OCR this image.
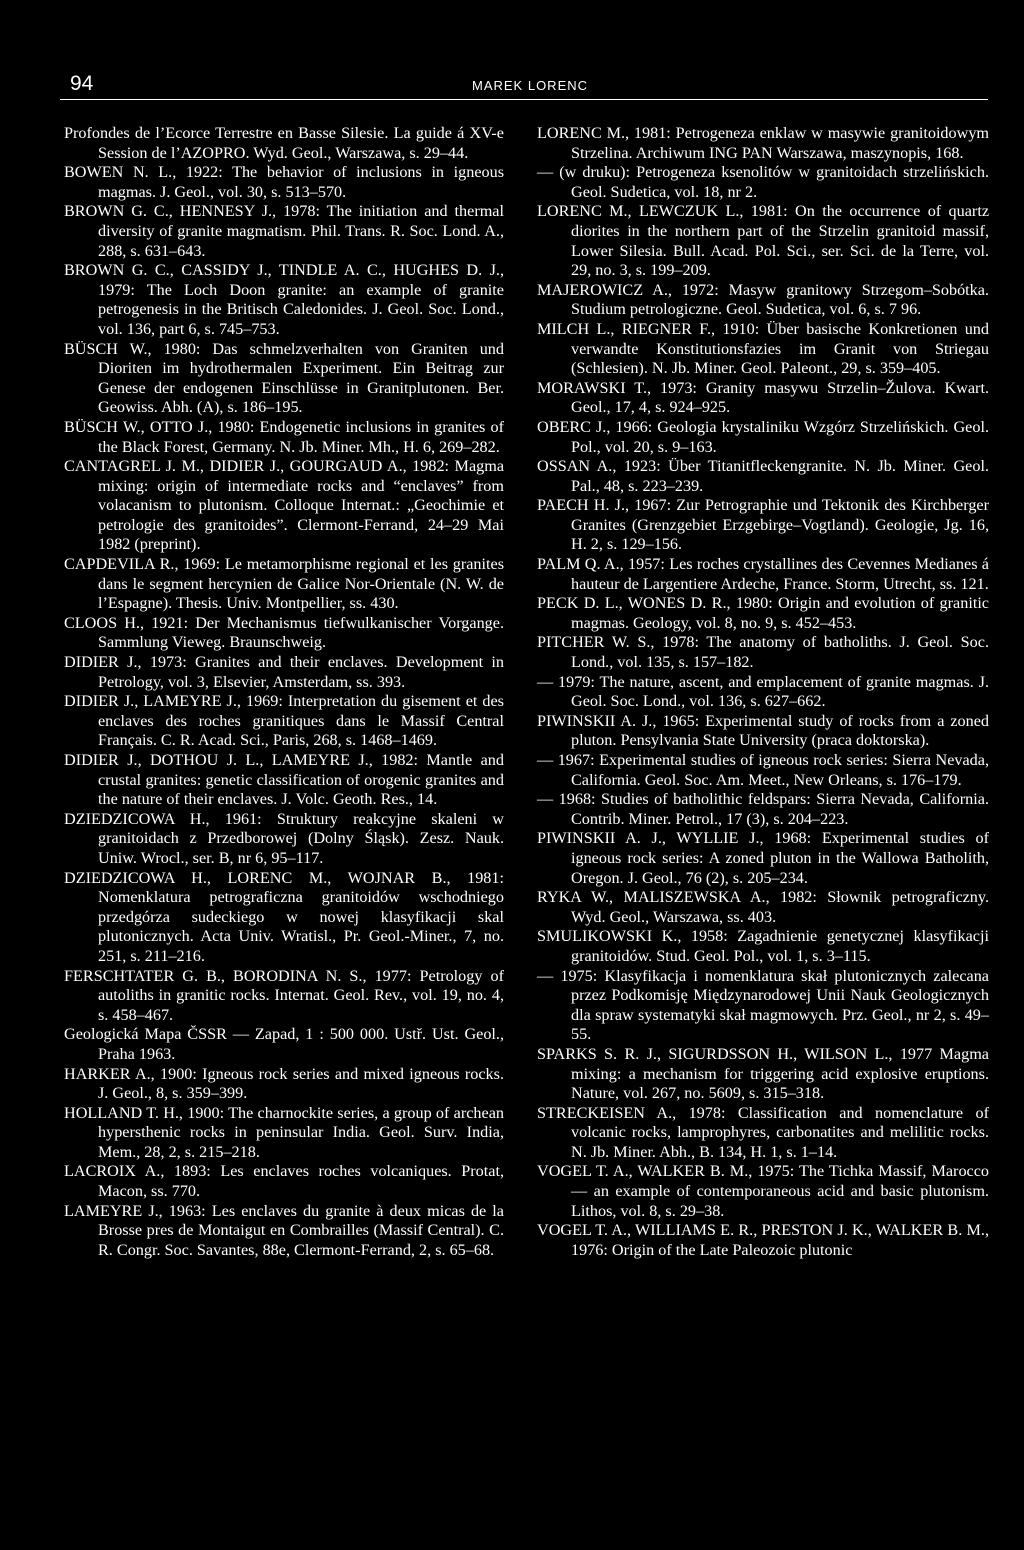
94	MAREK LORENC

Profondes de l’Ecorce Terrestre en Basse Silesie. La guide á XV-e Session de l’AZOPRO. Wyd. Geol., Warszawa, s. 29–44.

BOWEN N. L., 1922: The behavior of inclusions in igneous magmas. J. Geol., vol. 30, s. 513–570.

BROWN G. C., HENNESY J., 1978: The initiation and thermal diversity of granite magmatism. Phil. Trans. R. Soc. Lond. A., 288, s. 631–643.

BROWN G. C., CASSIDY J., TINDLE A. C., HUGHES D. J., 1979: The Loch Doon granite: an example of granite petrogenesis in the Britisch Caledonides. J. Geol. Soc. Lond., vol. 136, part 6, s. 745–753.

BÜSCH W., 1980: Das schmelzverhalten von Graniten und Dioriten im hydrothermalen Experiment. Ein Beitrag zur Genese der endogenen Einschlüsse in Granitplutonen. Ber. Geowiss. Abh. (A), s. 186–195.

BÜSCH W., OTTO J., 1980: Endogenetic inclusions in granites of the Black Forest, Germany. N. Jb. Miner. Mh., H. 6, 269–282.

CANTAGREL J. M., DIDIER J., GOURGAUD A., 1982: Magma mixing: origin of intermediate rocks and “enclaves” from volacanism to plutonism. Colloque Internat.: „Geochimie et petrologie des granitoides”. Clermont-Ferrand, 24–29 Mai 1982 (preprint).

CAPDEVILA R., 1969: Le metamorphisme regional et les granites dans le segment hercynien de Galice Nor-Orientale (N. W. de l’Espagne). Thesis. Univ. Montpellier, ss. 430.

CLOOS H., 1921: Der Mechanismus tiefwulkanischer Vorgange. Sammlung Vieweg. Braunschweig.

DIDIER J., 1973: Granites and their enclaves. Development in Petrology, vol. 3, Elsevier, Amsterdam, ss. 393.

DIDIER J., LAMEYRE J., 1969: Interpretation du gisement et des enclaves des roches granitiques dans le Massif Central Français. C. R. Acad. Sci., Paris, 268, s. 1468–1469.

DIDIER J., DOTHOU J. L., LAMEYRE J., 1982: Mantle and crustal granites: genetic classification of orogenic granites and the nature of their enclaves. J. Volc. Geoth. Res., 14.

DZIEDZICOWA H., 1961: Struktury reakcyjne skaleni w granitoidach z Przedborowej (Dolny Śląsk). Zesz. Nauk. Uniw. Wrocl., ser. B, nr 6, 95–117.

DZIEDZICOWA H., LORENC M., WOJNAR B., 1981: Nomenklatura petrograficzna granitoidów wschodniego przedgórza sudeckiego w nowej klasyfikacji skal plutonicznych. Acta Univ. Wratisl., Pr. Geol.-Miner., 7, no. 251, s. 211–216.

FERSCHTATER G. B., BORODINA N. S., 1977: Petrology of autoliths in granitic rocks. Internat. Geol. Rev., vol. 19, no. 4, s. 458–467.

Geologická Mapa ČSSR — Zapad, 1 : 500 000. Ustř. Ust. Geol., Praha 1963.

HARKER A., 1900: Igneous rock series and mixed igneous rocks. J. Geol., 8, s. 359–399.

HOLLAND T. H., 1900: The charnockite series, a group of archean hypersthenic rocks in peninsular India. Geol. Surv. India, Mem., 28, 2, s. 215–218.

LACROIX A., 1893: Les enclaves roches volcaniques. Protat, Macon, ss. 770.

LAMEYRE J., 1963: Les enclaves du granite à deux micas de la Brosse pres de Montaigut en Combrailles (Massif Central). C. R. Congr. Soc. Savantes, 88e, Clermont-Ferrand, 2, s. 65–68.

LORENC M., 1981: Petrogeneza enklaw w masywie granitoidowym Strzelina. Archiwum ING PAN Warszawa, maszynopis, 168.

— (w druku): Petrogeneza ksenolitów w granitoidach strzelińskich. Geol. Sudetica, vol. 18, nr 2.

LORENC M., LEWCZUK L., 1981: On the occurrence of quartz diorites in the northern part of the Strzelin granitoid massif, Lower Silesia. Bull. Acad. Pol. Sci., ser. Sci. de la Terre, vol. 29, no. 3, s. 199–209.

MAJEROWICZ A., 1972: Masyw granitowy Strzegom–Sobótka. Studium petrologiczne. Geol. Sudetica, vol. 6, s. 7 96.

MILCH L., RIEGNER F., 1910: Über basische Konkretionen und verwandte Konstitutionsfazies im Granit von Striegau (Schlesien). N. Jb. Miner. Geol. Paleont., 29, s. 359–405.

MORAWSKI T., 1973: Granity masywu Strzelin–Žulova. Kwart. Geol., 17, 4, s. 924–925.

OBERC J., 1966: Geologia krystaliniku Wzgórz Strzelińskich. Geol. Pol., vol. 20, s. 9–163.

OSSAN A., 1923: Über Titanitfleckengranite. N. Jb. Miner. Geol. Pal., 48, s. 223–239.

PAECH H. J., 1967: Zur Petrographie und Tektonik des Kirchberger Granites (Grenzgebiet Erzgebirge–Vogtland). Geologie, Jg. 16, H. 2, s. 129–156.

PALM Q. A., 1957: Les roches crystallines des Cevennes Medianes á hauteur de Largentiere Ardeche, France. Storm, Utrecht, ss. 121.

PECK D. L., WONES D. R., 1980: Origin and evolution of granitic magmas. Geology, vol. 8, no. 9, s. 452–453.

PITCHER W. S., 1978: The anatomy of batholiths. J. Geol. Soc. Lond., vol. 135, s. 157–182.

— 1979: The nature, ascent, and emplacement of granite magmas. J. Geol. Soc. Lond., vol. 136, s. 627–662.

PIWINSKII A. J., 1965: Experimental study of rocks from a zoned pluton. Pensylvania State University (praca doktorska).

— 1967: Experimental studies of igneous rock series: Sierra Nevada, California. Geol. Soc. Am. Meet., New Orleans, s. 176–179.

— 1968: Studies of batholithic feldspars: Sierra Nevada, California. Contrib. Miner. Petrol., 17 (3), s. 204–223.

PIWINSKII A. J., WYLLIE J., 1968: Experimental studies of igneous rock series: A zoned pluton in the Wallowa Batholith, Oregon. J. Geol., 76 (2), s. 205–234.

RYKA W., MALISZEWSKA A., 1982: Słownik petrograficzny. Wyd. Geol., Warszawa, ss. 403.

SMULIKOWSKI K., 1958: Zagadnienie genetycznej klasyfikacji granitoidów. Stud. Geol. Pol., vol. 1, s. 3–115.

— 1975: Klasyfikacja i nomenklatura skał plutonicznych zalecana przez Podkomisję Międzynarodowej Unii Nauk Geologicznych dla spraw systematyki skał magmowych. Prz. Geol., nr 2, s. 49–55.

SPARKS S. R. J., SIGURDSSON H., WILSON L., 1977 Magma mixing: a mechanism for triggering acid explosive eruptions. Nature, vol. 267, no. 5609, s. 315–318.

STRECKEISEN A., 1978: Classification and nomenclature of volcanic rocks, lamprophyres, carbonatites and melilitic rocks. N. Jb. Miner. Abh., B. 134, H. 1, s. 1–14.

VOGEL T. A., WALKER B. M., 1975: The Tichka Massif, Marocco — an example of contemporaneous acid and basic plutonism. Lithos, vol. 8, s. 29–38.

VOGEL T. A., WILLIAMS E. R., PRESTON J. K., WALKER B. M., 1976: Origin of the Late Paleozoic plutonic
